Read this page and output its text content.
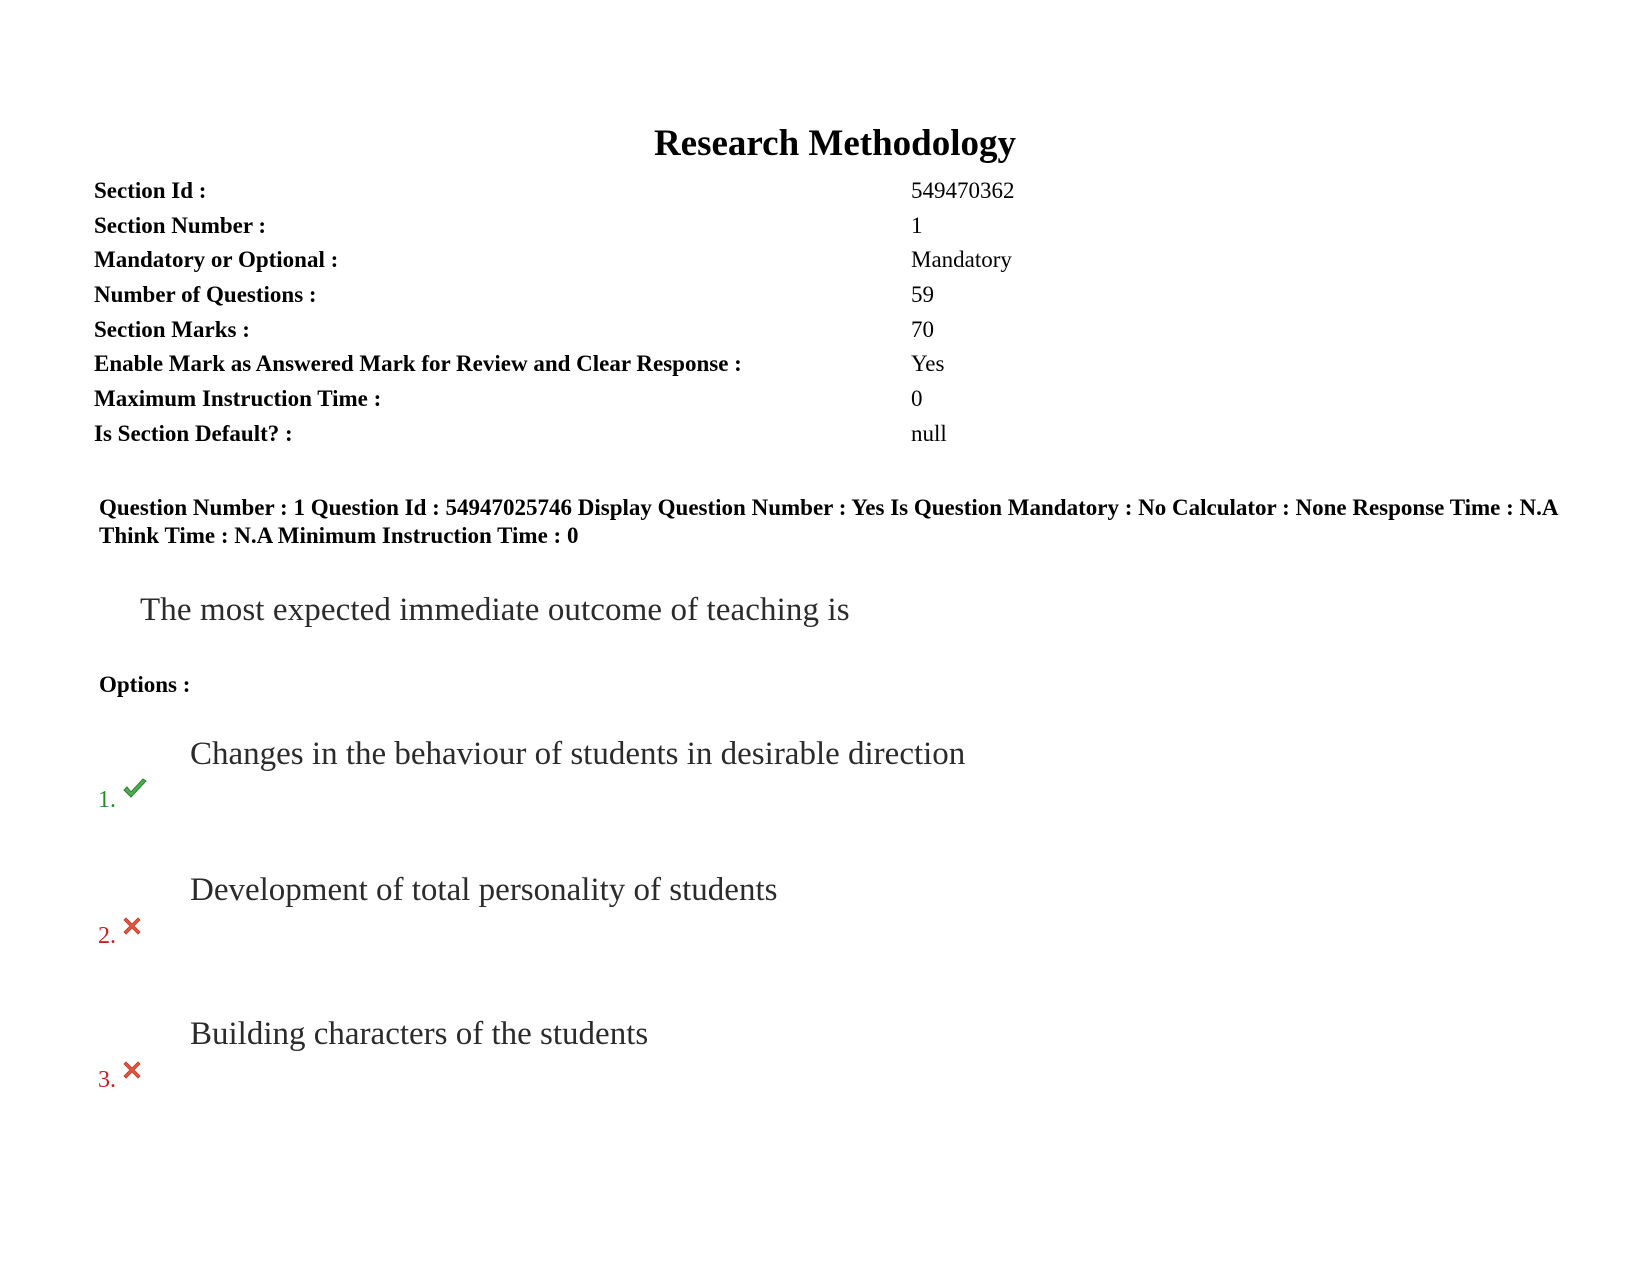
Research Methodology
Section Id :	549470362
Section Number :	1
Mandatory or Optional :	Mandatory
Number of Questions :	59
Section Marks :	70
Enable Mark as Answered Mark for Review and Clear Response :	Yes
Maximum Instruction Time :	0
Is Section Default? :	null

Question Number : 1 Question Id : 54947025746 Display Question Number : Yes Is Question Mandatory : No Calculator : None Response Time : N.A Think Time : N.A Minimum Instruction Time : 0

The most expected immediate outcome of teaching is
Options :
Changes in the behaviour of students in desirable direction
1.
Development of total personality of students
2.
Building characters of the students
3.
